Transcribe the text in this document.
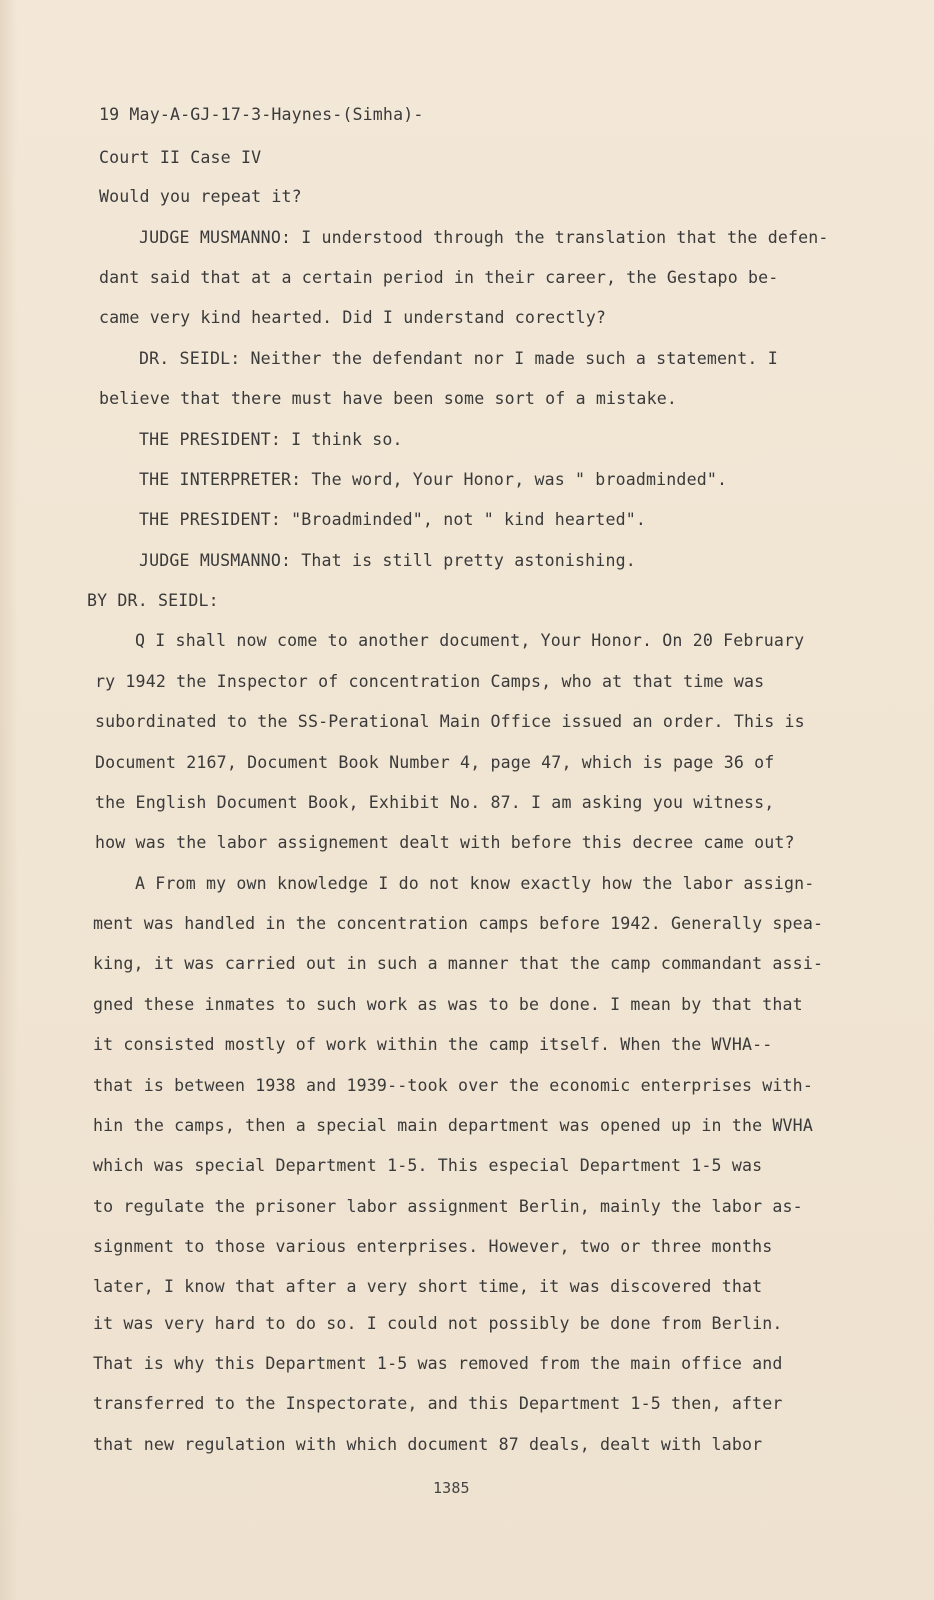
19 May-A-GJ-17-3-Haynes-(Simha)-
Court II Case IV
Would you repeat it?
JUDGE MUSMANNO: I understood through the translation that the defen-
dant said that at a certain period in their career, the Gestapo be-
came very kind hearted. Did I understand corectly?
DR. SEIDL: Neither the defendant nor I made such a statement. I
believe that there must have been some sort of a mistake.
THE PRESIDENT: I think so.
THE INTERPRETER: The word, Your Honor, was " broadminded".
THE PRESIDENT: "Broadminded", not " kind hearted".
JUDGE MUSMANNO: That is still pretty astonishing.
BY DR. SEIDL:
Q I shall now come to another document, Your Honor. On 20 February
ry 1942 the Inspector of concentration Camps, who at that time was
subordinated to the SS-Perational Main Office issued an order. This is
Document 2167, Document Book Number 4, page 47, which is page 36 of
the English Document Book, Exhibit No. 87. I am asking you witness,
how was the labor assignement dealt with before this decree came out?
A From my own knowledge I do not know exactly how the labor assign-
ment was handled in the concentration camps before 1942. Generally spea-
king, it was carried out in such a manner that the camp commandant assi-
gned these inmates to such work as was to be done. I mean by that that
it consisted mostly of work within the camp itself. When the WVHA--
that is between 1938 and 1939--took over the economic enterprises with-
hin the camps, then a special main department was opened up in the WVHA
which was special Department 1-5. This especial Department 1-5 was
to regulate the prisoner labor assignment Berlin, mainly the labor as-
signment to those various enterprises. However, two or three months
later, I know that after a very short time, it was discovered that
it was very hard to do so. I could not possibly be done from Berlin.
That is why this Department 1-5 was removed from the main office and
transferred to the Inspectorate, and this Department 1-5 then, after
that new regulation with which document 87 deals, dealt with labor
1385
